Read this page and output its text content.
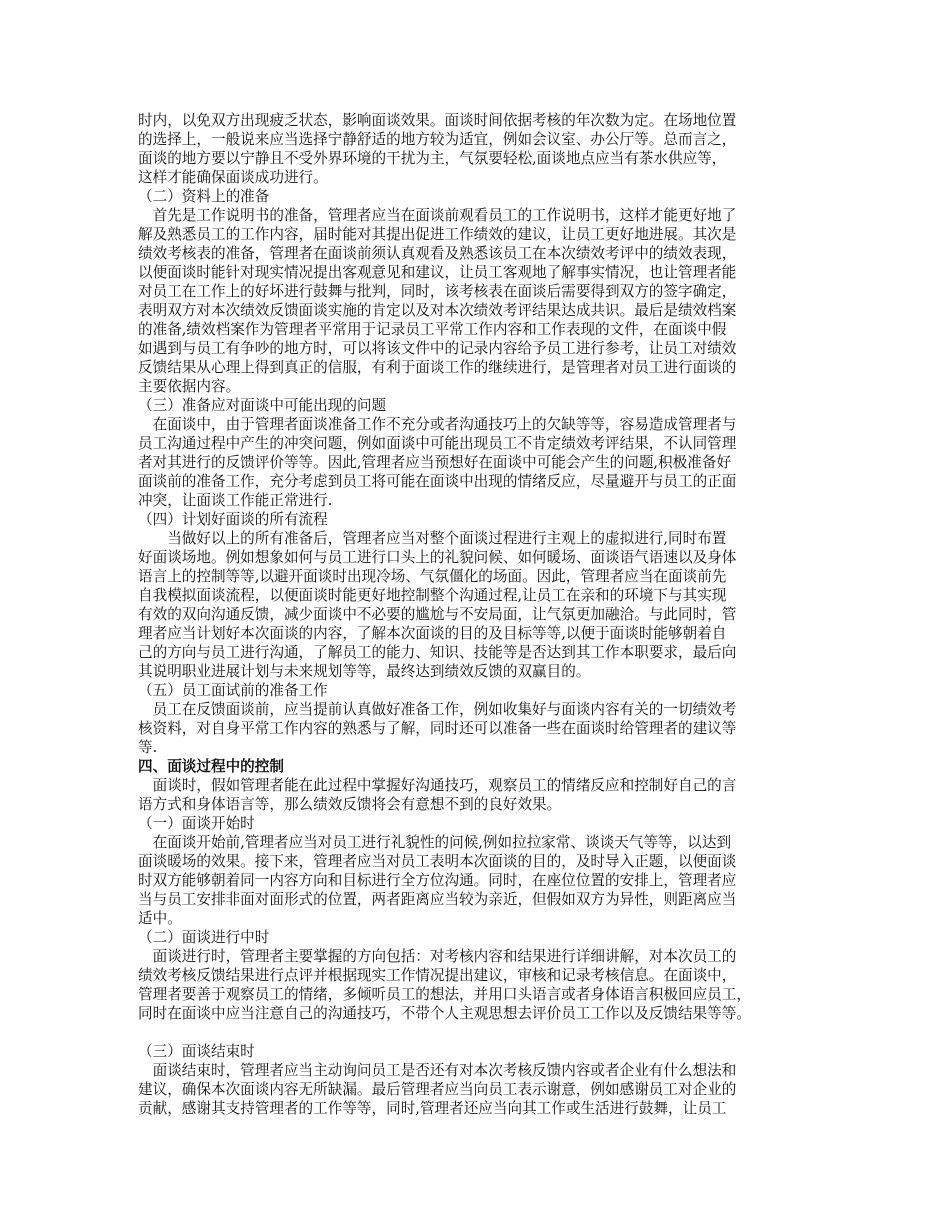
时内，以免双方出现疲乏状态，影响面谈效果。面谈时间依据考核的年次数为定。在场地位置
的选择上，一般说来应当选择宁静舒适的地方较为适宜，例如会议室、办公厅等。总而言之，
面谈的地方要以宁静且不受外界环境的干扰为主，气氛要轻松,面谈地点应当有茶水供应等，
这样才能确保面谈成功进行。
（二）资料上的准备
　首先是工作说明书的准备，管理者应当在面谈前观看员工的工作说明书，这样才能更好地了
解及熟悉员工的工作内容，届时能对其提出促进工作绩效的建议，让员工更好地进展。其次是
绩效考核表的准备，管理者在面谈前须认真观看及熟悉该员工在本次绩效考评中的绩效表现，
以便面谈时能针对现实情况提出客观意见和建议，让员工客观地了解事实情况，也让管理者能
对员工在工作上的好坏进行鼓舞与批判，同时，该考核表在面谈后需要得到双方的签字确定，
表明双方对本次绩效反馈面谈实施的肯定以及对本次绩效考评结果达成共识。最后是绩效档案
的准备,绩效档案作为管理者平常用于记录员工平常工作内容和工作表现的文件，在面谈中假
如遇到与员工有争吵的地方时，可以将该文件中的记录内容给予员工进行参考，让员工对绩效
反馈结果从心理上得到真正的信服，有利于面谈工作的继续进行，是管理者对员工进行面谈的
主要依据内容。
（三）准备应对面谈中可能出现的问题
　在面谈中，由于管理者面谈准备工作不充分或者沟通技巧上的欠缺等等，容易造成管理者与
员工沟通过程中产生的冲突问题，例如面谈中可能出现员工不肯定绩效考评结果，不认同管理
者对其进行的反馈评价等等。因此,管理者应当预想好在面谈中可能会产生的问题,积极准备好
面谈前的准备工作，充分考虑到员工将可能在面谈中出现的情绪反应，尽量避开与员工的正面
冲突，让面谈工作能正常进行.
（四）计划好面谈的所有流程
　　当做好以上的所有准备后，管理者应当对整个面谈过程进行主观上的虚拟进行,同时布置
好面谈场地。例如想象如何与员工进行口头上的礼貌问候、如何暖场、面谈语气语速以及身体
语言上的控制等等,以避开面谈时出现冷场、气氛僵化的场面。因此，管理者应当在面谈前先
自我模拟面谈流程，以便面谈时能更好地控制整个沟通过程,让员工在亲和的环境下与其实现
有效的双向沟通反馈，减少面谈中不必要的尴尬与不安局面，让气氛更加融洽。与此同时，管
理者应当计划好本次面谈的内容，了解本次面谈的目的及目标等等,以便于面谈时能够朝着自
己的方向与员工进行沟通，了解员工的能力、知识、技能等是否达到其工作本职要求，最后向
其说明职业进展计划与未来规划等等，最终达到绩效反馈的双赢目的。
（五）员工面试前的准备工作
　员工在反馈面谈前，应当提前认真做好准备工作，例如收集好与面谈内容有关的一切绩效考
核资料，对自身平常工作内容的熟悉与了解，同时还可以准备一些在面谈时给管理者的建议等
等.
四、面谈过程中的控制
　面谈时，假如管理者能在此过程中掌握好沟通技巧，观察员工的情绪反应和控制好自己的言
语方式和身体语言等，那么绩效反馈将会有意想不到的良好效果。
（一）面谈开始时
　在面谈开始前,管理者应当对员工进行礼貌性的问候,例如拉拉家常、谈谈天气等等，以达到
面谈暖场的效果。接下来，管理者应当对员工表明本次面谈的目的，及时导入正题，以便面谈
时双方能够朝着同一内容方向和目标进行全方位沟通。同时，在座位位置的安排上，管理者应
当与员工安排非面对面形式的位置，两者距离应当较为亲近，但假如双方为异性，则距离应当
适中。
（二）面谈进行中时
　面谈进行时，管理者主要掌握的方向包括：对考核内容和结果进行详细讲解，对本次员工的
绩效考核反馈结果进行点评并根据现实工作情况提出建议，审核和记录考核信息。在面谈中，
管理者要善于观察员工的情绪，多倾听员工的想法，并用口头语言或者身体语言积极回应员工，
同时在面谈中应当注意自己的沟通技巧，不带个人主观思想去评价员工工作以及反馈结果等等。
（三）面谈结束时
　面谈结束时，管理者应当主动询问员工是否还有对本次考核反馈内容或者企业有什么想法和
建议，确保本次面谈内容无所缺漏。最后管理者应当向员工表示谢意，例如感谢员工对企业的
贡献，感谢其支持管理者的工作等等，同时,管理者还应当向其工作或生活进行鼓舞，让员工
